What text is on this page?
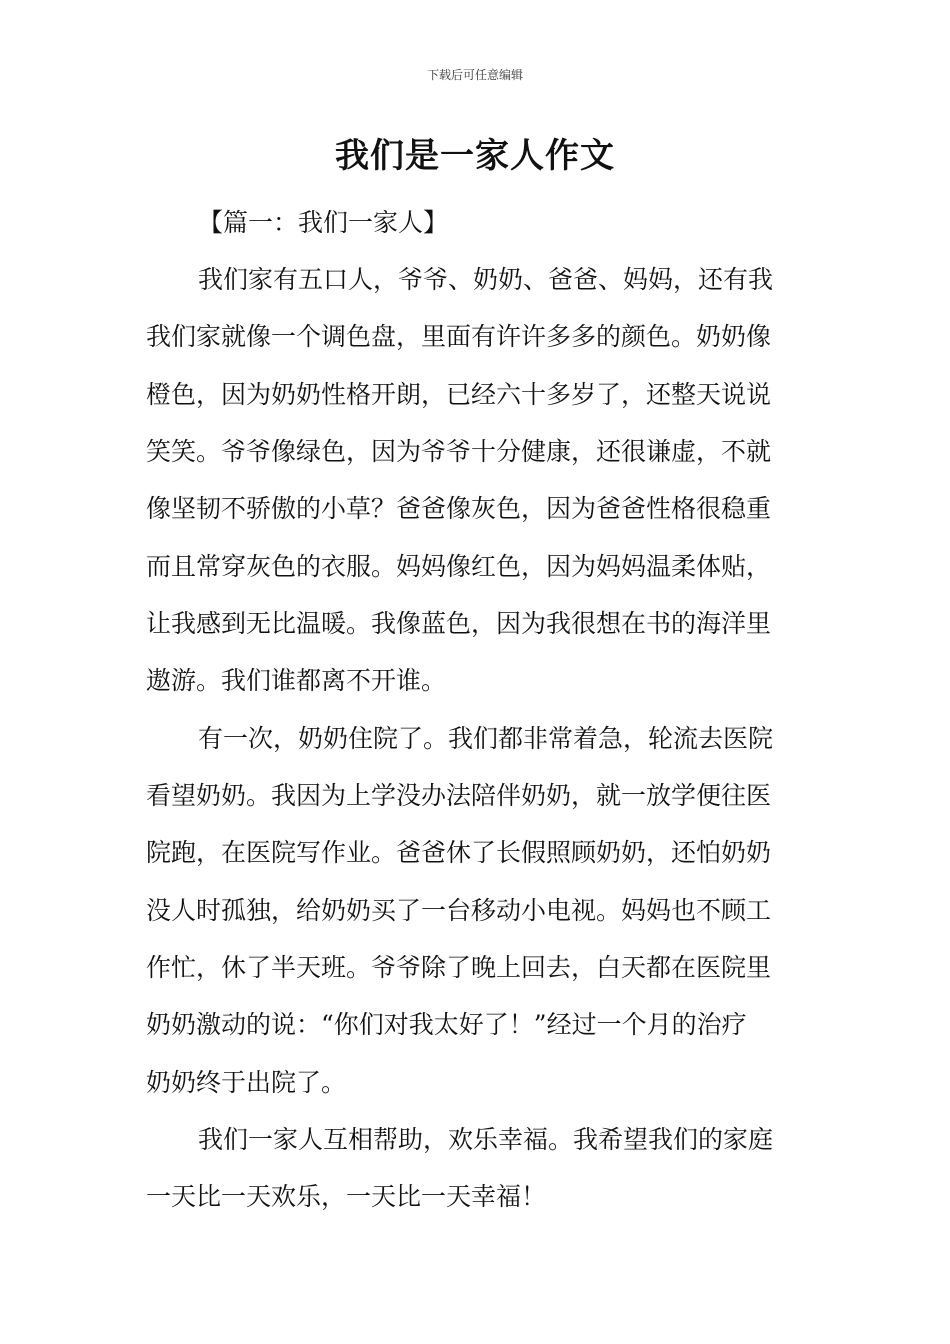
下载后可任意编辑
我们是一家人作文
【篇一：我们一家人】
我们家有五口人，爷爷、奶奶、爸爸、妈妈，还有我
我们家就像一个调色盘，里面有许许多多的颜色。奶奶像
橙色，因为奶奶性格开朗，已经六十多岁了，还整天说说
笑笑。爷爷像绿色，因为爷爷十分健康，还很谦虚，不就
像坚韧不骄傲的小草？爸爸像灰色，因为爸爸性格很稳重
而且常穿灰色的衣服。妈妈像红色，因为妈妈温柔体贴，
让我感到无比温暖。我像蓝色，因为我很想在书的海洋里
遨游。我们谁都离不开谁。
有一次，奶奶住院了。我们都非常着急，轮流去医院
看望奶奶。我因为上学没办法陪伴奶奶，就一放学便往医
院跑，在医院写作业。爸爸休了长假照顾奶奶，还怕奶奶
没人时孤独，给奶奶买了一台移动小电视。妈妈也不顾工
作忙，休了半天班。爷爷除了晚上回去，白天都在医院里
奶奶激动的说：“你们对我太好了！”经过一个月的治疗
奶奶终于出院了。
我们一家人互相帮助，欢乐幸福。我希望我们的家庭
一天比一天欢乐，一天比一天幸福！
